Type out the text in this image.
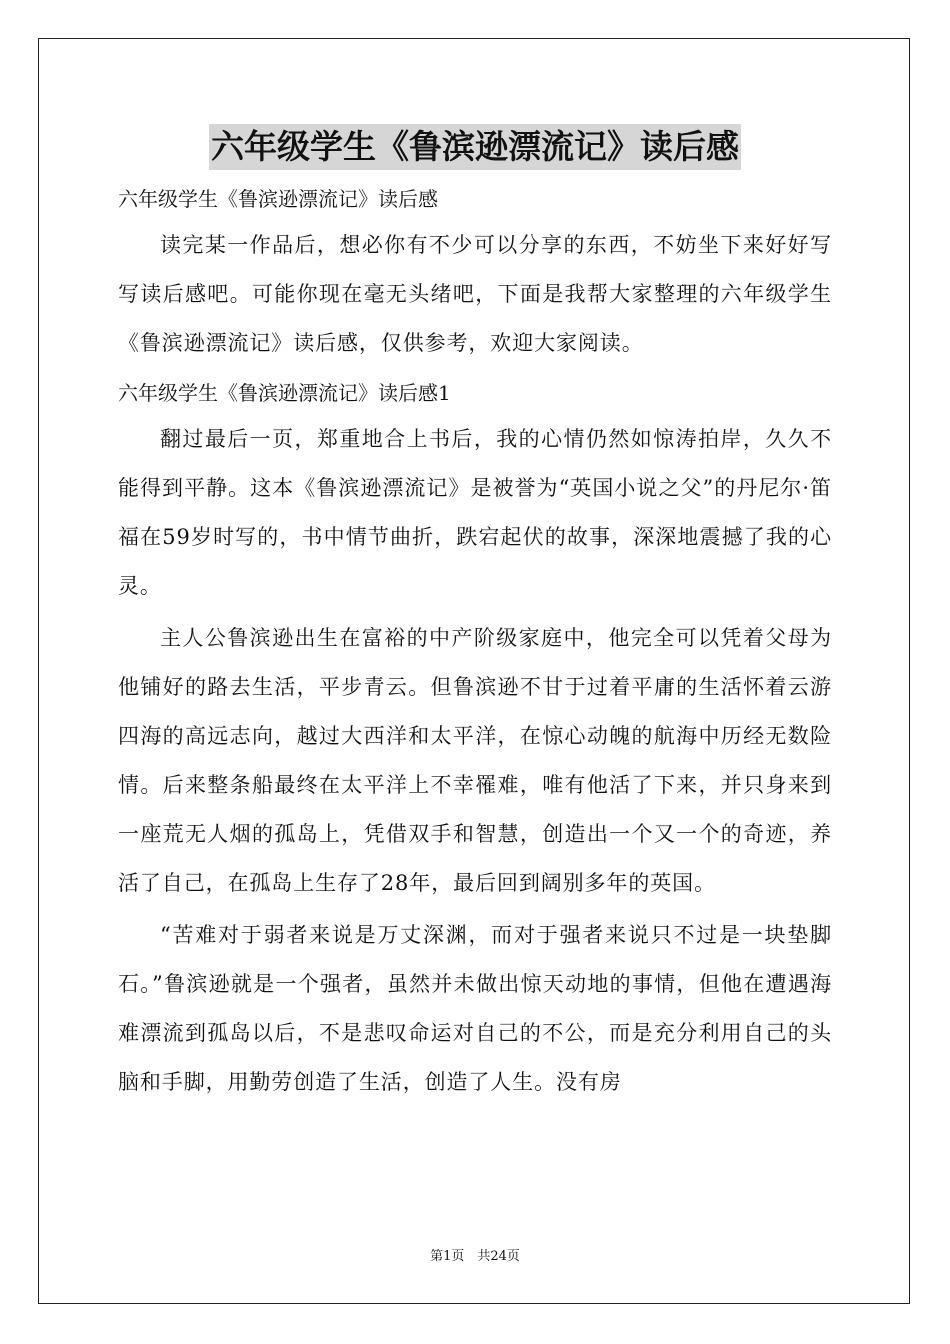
六年级学生《鲁滨逊漂流记》读后感

六年级学生《鲁滨逊漂流记》读后感

读完某一作品后，想必你有不少可以分享的东西，不妨坐下来好好写写读后感吧。可能你现在毫无头绪吧，下面是我帮大家整理的六年级学生《鲁滨逊漂流记》读后感，仅供参考，欢迎大家阅读。

六年级学生《鲁滨逊漂流记》读后感1

翻过最后一页，郑重地合上书后，我的心情仍然如惊涛拍岸，久久不能得到平静。这本《鲁滨逊漂流记》是被誉为“英国小说之父”的丹尼尔·笛福在59岁时写的，书中情节曲折，跌宕起伏的故事，深深地震撼了我的心灵。

主人公鲁滨逊出生在富裕的中产阶级家庭中，他完全可以凭着父母为他铺好的路去生活，平步青云。但鲁滨逊不甘于过着平庸的生活怀着云游四海的高远志向，越过大西洋和太平洋，在惊心动魄的航海中历经无数险情。后来整条船最终在太平洋上不幸罹难，唯有他活了下来，并只身来到一座荒无人烟的孤岛上，凭借双手和智慧，创造出一个又一个的奇迹，养活了自己，在孤岛上生存了28年，最后回到阔别多年的英国。

“苦难对于弱者来说是万丈深渊，而对于强者来说只不过是一块垫脚石。”鲁滨逊就是一个强者，虽然并未做出惊天动地的事情，但他在遭遇海难漂流到孤岛以后，不是悲叹命运对自己的不公，而是充分利用自己的头脑和手脚，用勤劳创造了生活，创造了人生。没有房

第1页　共24页
